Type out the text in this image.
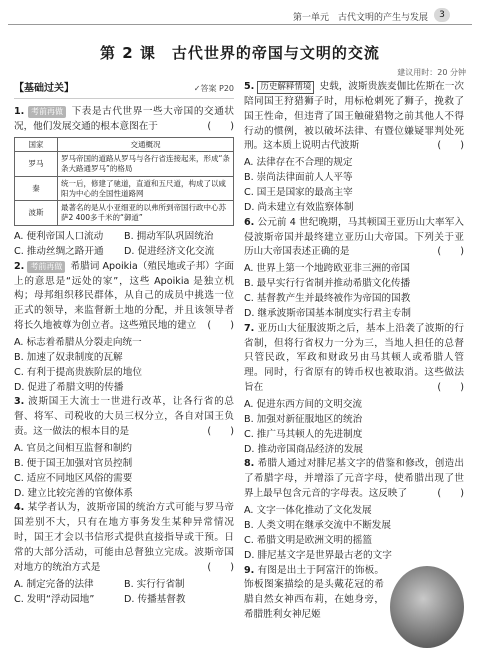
第一单元　古代文明的产生与发展	3
第 2 课　古代世界的帝国与文明的交流
建议用时：20 分钟
【基础过关】	✓答案 P20
1. 考前再做 下表是古代世界一些大帝国的交通状况，他们发展交通的根本意图在于	(　　)
国家	交通概况
罗马	罗马帝国的道路从罗马与各行省连接起来，形成“条条大路通罗马”的格局
秦	统一后，修建了驰道，直道和五尺道，构成了以咸阳为中心的全国性道路网
波斯	最著名的是从小亚细亚的以弗所到帝国行政中心苏萨2 400多千米的“御道”
A. 便利帝国人口流动	B. 拥动军队巩固统治
C. 推动丝绸之路开通	D. 促进经济文化交流
2. 考前再做 希腊词 Apoikia（殖民地或子邦）字面上的意思是“远处的家”，这些 Apoikia 是独立机构；母邦组织移民群体，从自己的成员中挑选一位正式的领导，来监督新土地的分配，并且该领导者将长久地被尊为创立者。这些殖民地的建立 (　　)

A. 标志着希腊从分裂走向统一

B. 加速了奴隶制度的瓦解

C. 有利于提高贵族阶层的地位

D. 促进了希腊文明的传播

3. 波斯国王大流士一世进行改革，让各行省的总督、将军、司税收的大员三权分立，各自对国王负责。这一做法的根本目的是	(　　)

A. 官员之间相互监督和制约

B. 便于国王加强对官员控制

C. 适应不同地区风俗的需要

D. 建立比较完善的官僚体系

4. 某学者认为，波斯帝国的统治方式可能与罗马帝国差别不大，只有在地方事务发生某种异常情况时，国王才会以书信形式提供直接指导或干预。日常的大部分活动，可能由总督独立完成。波斯帝国对地方的统治方式是	(　　)
A. 制定完备的法律	B. 实行行省制
C. 发明“浮动园地”	D. 传播基督教
5. 历史解释情境 史载，波斯贵族麦伽比佐斯在一次陪同国王狩猎狮子时，用标枪刺死了狮子，挽救了国王性命，但违背了国王触碰猎物之前其他人不得行动的惯例，被以破坏法律、有暨位嫌疑罪判处死刑。这本质上说明古代波斯	(　　)

A. 法律存在不合理的规定

B. 崇尚法律面前人人平等

C. 国王是国家的最高主宰

D. 尚未建立有效监察体制

6. 公元前 4 世纪晚期，马其顿国王亚历山大率军入侵波斯帝国并最终建立亚历山大帝国。下列关于亚历山大帝国表述正确的是	(　　)

A. 世界上第一个地跨欧亚非三洲的帝国

B. 最早实行行省制并推动希腊文化传播

C. 基督教产生并最终被作为帝国的国教

D. 继承波斯帝国基本制度实行君主专制

7. 亚历山大征服波斯之后，基本上沿袭了波斯的行省制，但将行省权力一分为三，当地人担任的总督只管民政，军政和财政另由马其顿人或希腊人管理。同时，行省原有的铸币权也被取消。这些做法旨在	(　　)

A. 促进东西方间的文明交流

B. 加强对新征服地区的统治

C. 推广马其顿人的先进制度

D. 推动帝国商品经济的发展

8. 希腊人通过对腓尼基文字的借鉴和修改，创造出了希腊字母，并增添了元音字母，使希腊出现了世界上最早包含元音的字母表。这反映了	(　　)

A. 文字一体化推动了文化发展

B. 人类文明在继承交流中不断发展

C. 希腊文明是欧洲文明的摇篮

D. 腓尼基文字是世界最古老的文字

9. 有图是出土于阿富汗的饰板。饰板图案描绘的是头戴花冠的希腊自然女神西布莉，在她身旁，希腊胜利女神尼姬
